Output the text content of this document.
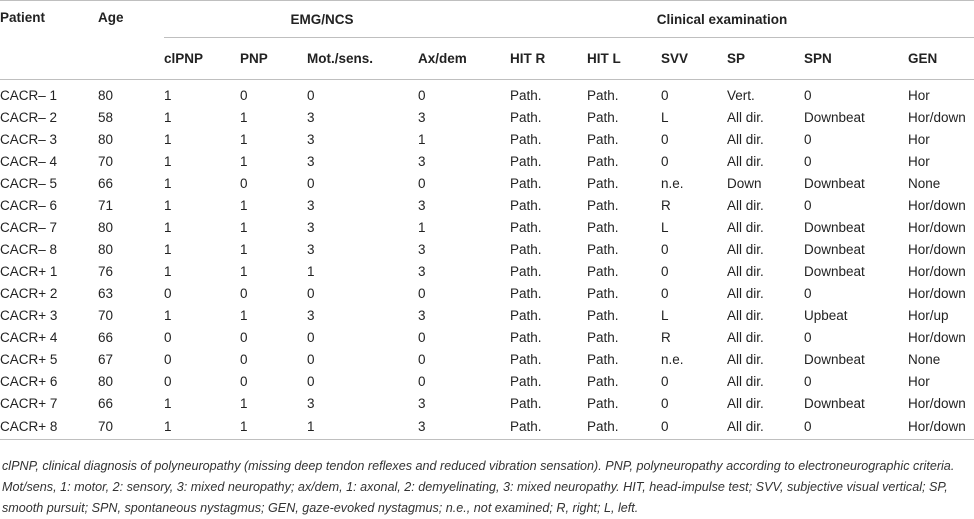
Patient	Age	EMG/NCS				Clinical examination					
		clPNP	PNP	Mot./sens.	Ax/dem	HIT R	HIT L	SVV	SP	SPN	GEN
CACR– 1	80	1	0	0	0	Path.	Path.	0	Vert.	0	Hor
CACR– 2	58	1	1	3	3	Path.	Path.	L	All dir.	Downbeat	Hor/down
CACR– 3	80	1	1	3	1	Path.	Path.	0	All dir.	0	Hor
CACR– 4	70	1	1	3	3	Path.	Path.	0	All dir.	0	Hor
CACR– 5	66	1	0	0	0	Path.	Path.	n.e.	Down	Downbeat	None
CACR– 6	71	1	1	3	3	Path.	Path.	R	All dir.	0	Hor/down
CACR– 7	80	1	1	3	1	Path.	Path.	L	All dir.	Downbeat	Hor/down
CACR– 8	80	1	1	3	3	Path.	Path.	0	All dir.	Downbeat	Hor/down
CACR+ 1	76	1	1	1	3	Path.	Path.	0	All dir.	Downbeat	Hor/down
CACR+ 2	63	0	0	0	0	Path.	Path.	0	All dir.	0	Hor/down
CACR+ 3	70	1	1	3	3	Path.	Path.	L	All dir.	Upbeat	Hor/up
CACR+ 4	66	0	0	0	0	Path.	Path.	R	All dir.	0	Hor/down
CACR+ 5	67	0	0	0	0	Path.	Path.	n.e.	All dir.	Downbeat	None
CACR+ 6	80	0	0	0	0	Path.	Path.	0	All dir.	0	Hor
CACR+ 7	66	1	1	3	3	Path.	Path.	0	All dir.	Downbeat	Hor/down
CACR+ 8	70	1	1	1	3	Path.	Path.	0	All dir.	0	Hor/down
clPNP, clinical diagnosis of polyneuropathy (missing deep tendon reflexes and reduced vibration sensation). PNP, polyneuropathy according to electroneurographic criteria. Mot/sens, 1: motor, 2: sensory, 3: mixed neuropathy; ax/dem, 1: axonal, 2: demyelinating, 3: mixed neuropathy. HIT, head-impulse test; SVV, subjective visual vertical; SP, smooth pursuit; SPN, spontaneous nystagmus; GEN, gaze-evoked nystagmus; n.e., not examined; R, right; L, left.
